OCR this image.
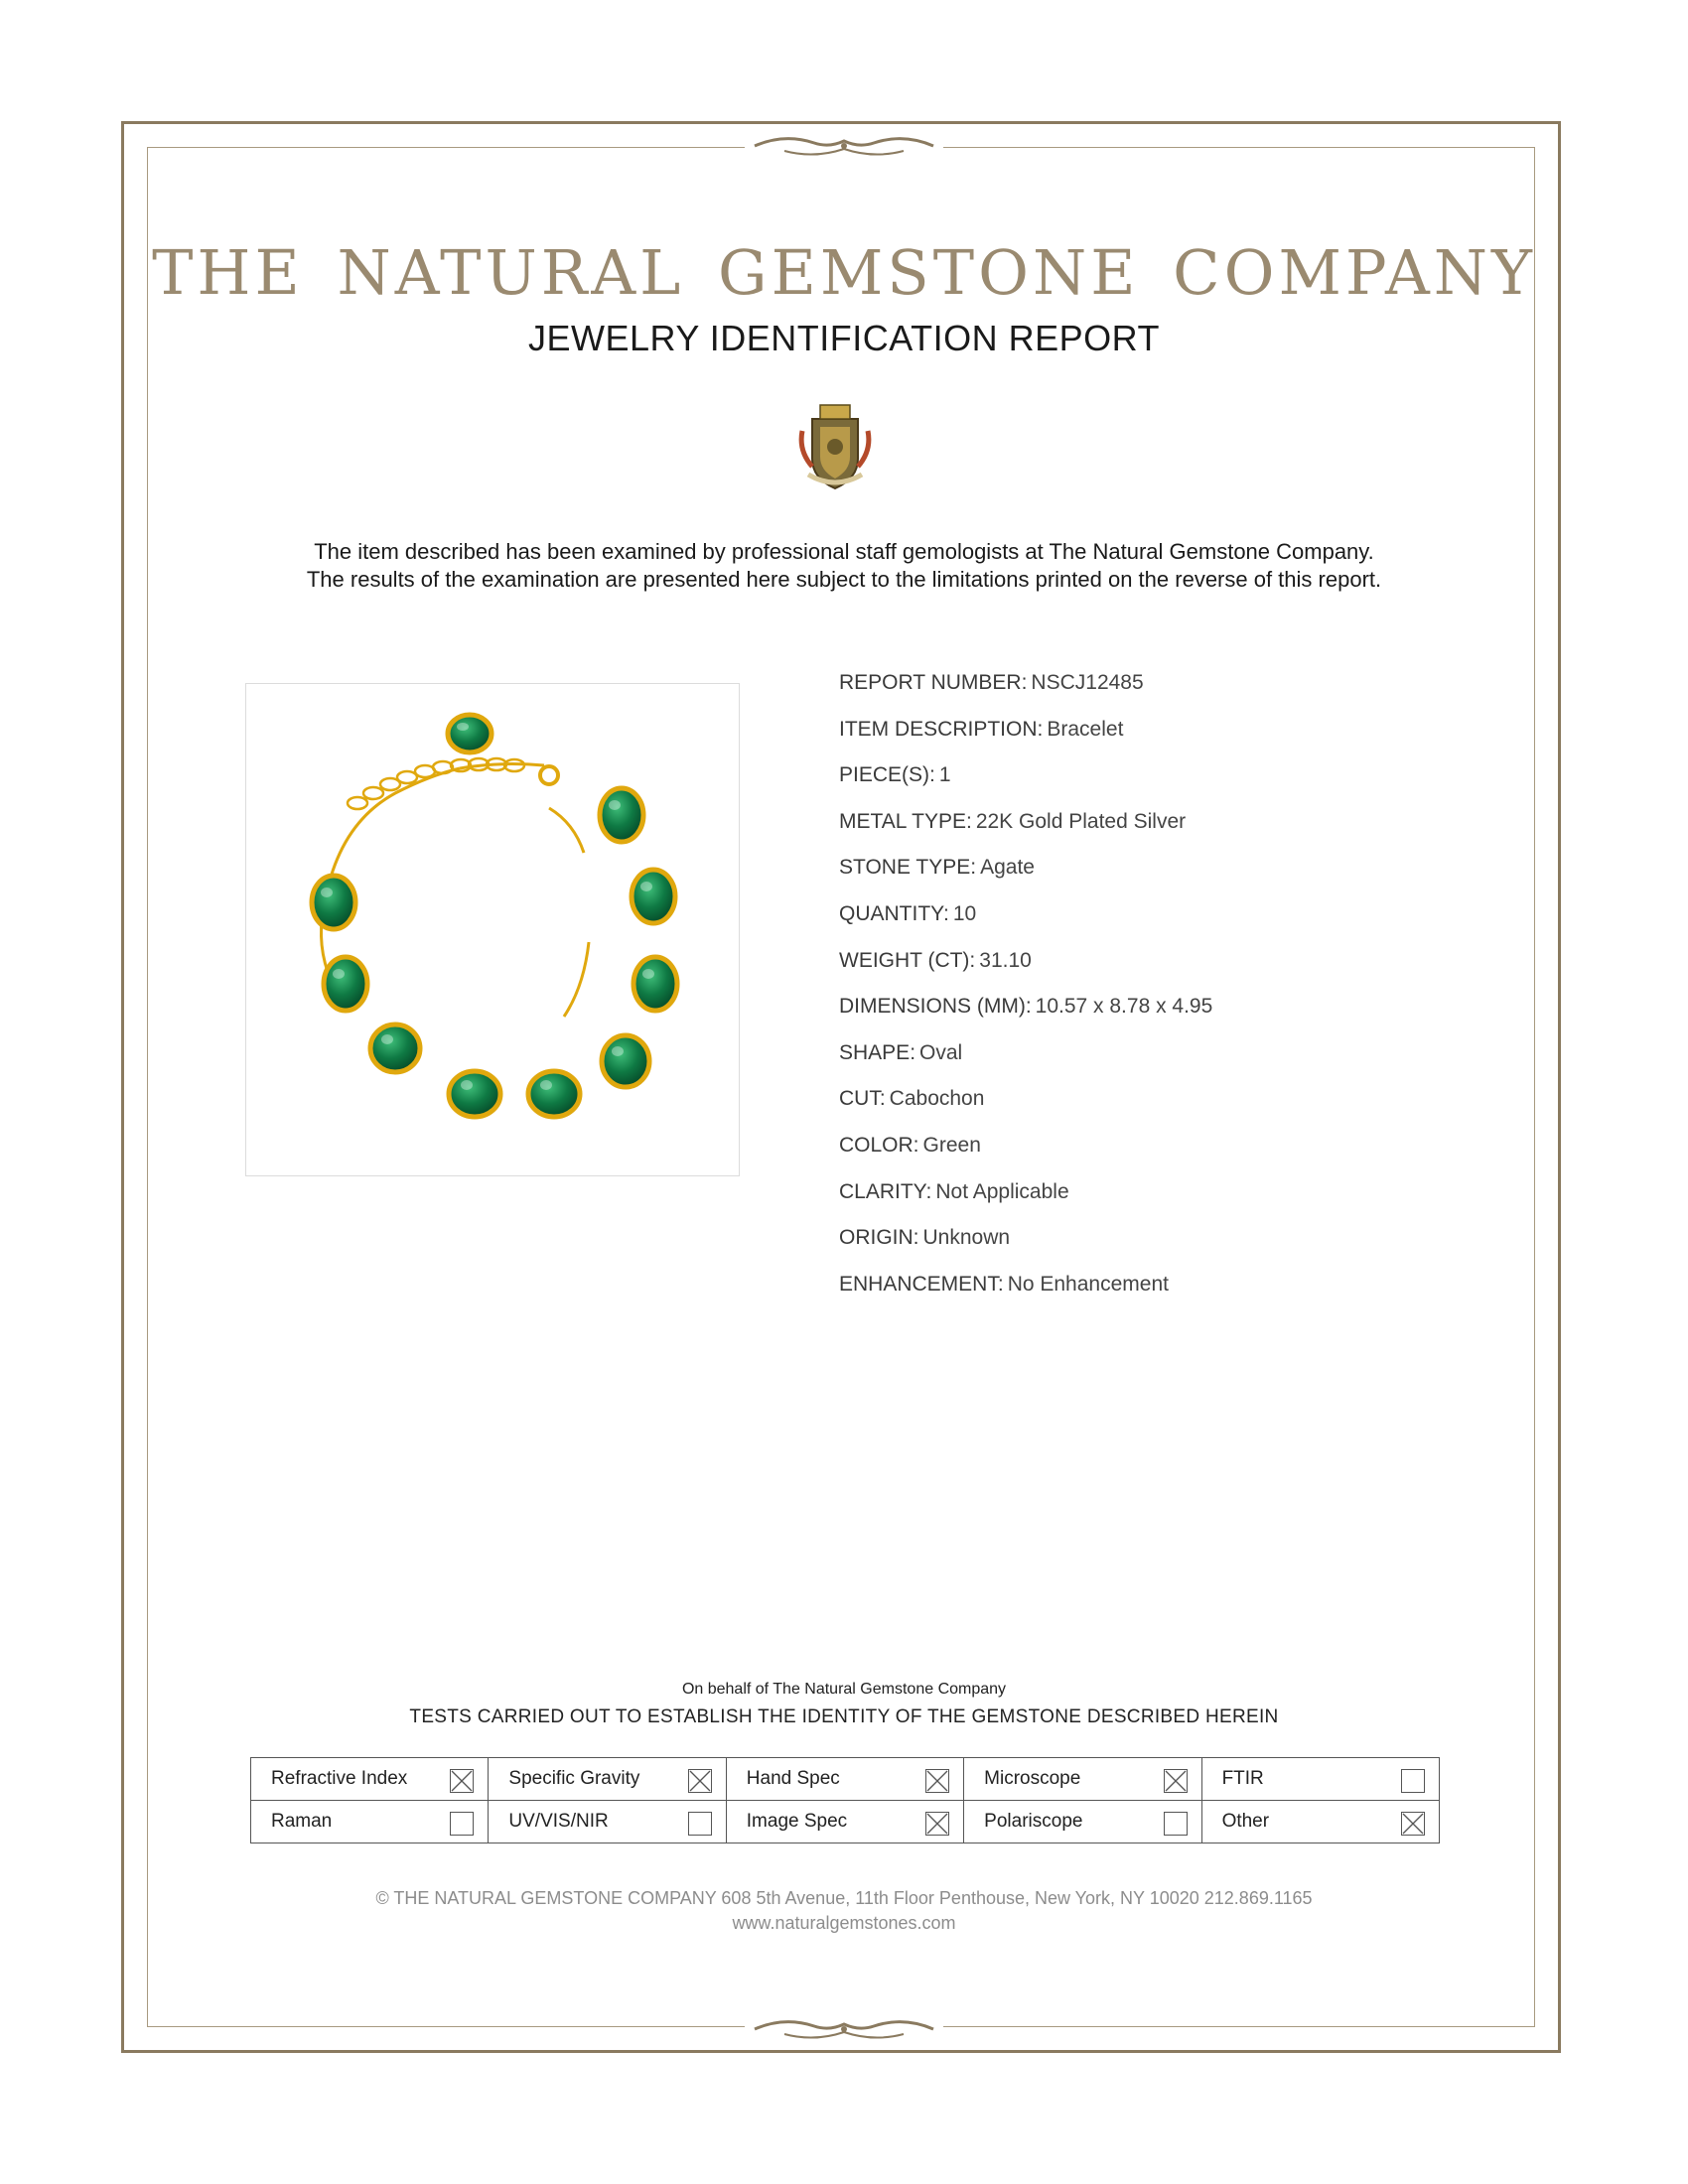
THE NATURAL GEMSTONE COMPANY
JEWELRY IDENTIFICATION REPORT
The item described has been examined by professional staff gemologists at The Natural Gemstone Company.
The results of the examination are presented here subject to the limitations printed on the reverse of this report.
REPORT NUMBER: NSCJ12485
ITEM DESCRIPTION: Bracelet
PIECE(S): 1
METAL TYPE: 22K Gold Plated Silver
STONE TYPE: Agate
QUANTITY: 10
WEIGHT (CT): 31.10
DIMENSIONS (MM): 10.57 x 8.78 x 4.95
SHAPE: Oval
CUT: Cabochon
COLOR: Green
CLARITY: Not Applicable
ORIGIN: Unknown
ENHANCEMENT: No Enhancement
On behalf of The Natural Gemstone Company
TESTS CARRIED OUT TO ESTABLISH THE IDENTITY OF THE GEMSTONE DESCRIBED HEREIN
Refractive Index	Specific Gravity	Hand Spec	Microscope	FTIR

Raman	UV/VIS/NIR	Image Spec	Polariscope	Other
© THE NATURAL GEMSTONE COMPANY 608 5th Avenue, 11th Floor Penthouse, New York, NY 10020 212.869.1165
www.naturalgemstones.com
